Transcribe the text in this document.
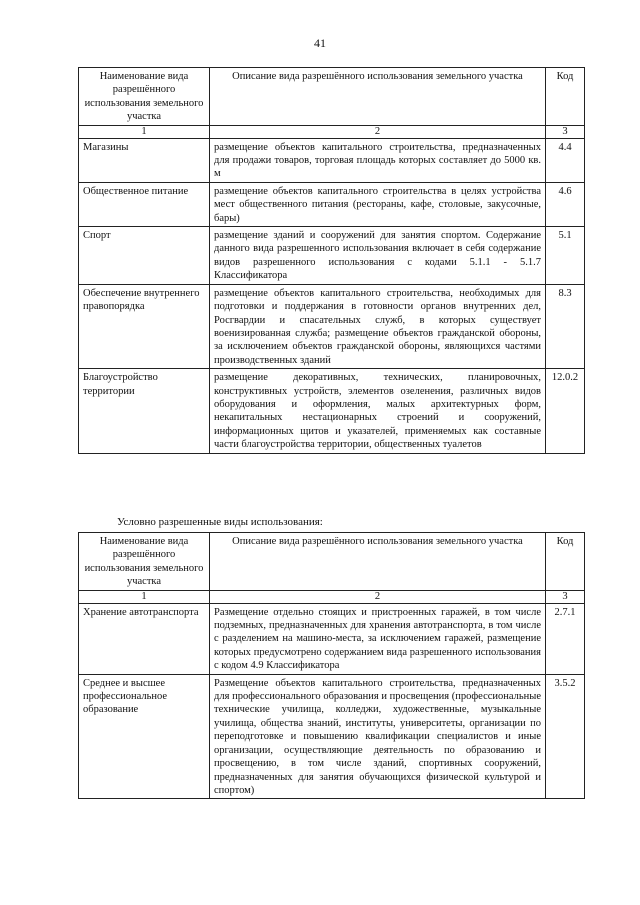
41
Наименование вида разрешённого использования земельного участка	Описание вида разрешённого использования земельного участка	Код
1	2	3
Магазины	размещение объектов капитального строительства, предназначенных для продажи товаров, торговая площадь которых составляет до 5000 кв. м	4.4
Общественное питание	размещение объектов капитального строительства в целях устройства мест общественного питания (рестораны, кафе, столовые, закусочные, бары)	4.6
Спорт	размещение зданий и сооружений для занятия спортом. Содержание данного вида разрешенного использования включает в себя содержание видов разрешенного использования с кодами 5.1.1 - 5.1.7 Классификатора	5.1
Обеспечение внутреннего правопорядка	размещение объектов капитального строительства, необходимых для подготовки и поддержания в готовности органов внутренних дел, Росгвардии и спасательных служб, в которых существует военизированная служба; размещение объектов гражданской обороны, за исключением объектов гражданской обороны, являющихся частями производственных зданий	8.3
Благоустройство территории	размещение декоративных, технических, планировочных, конструктивных устройств, элементов озеленения, различных видов оборудования и оформления, малых архитектурных форм, некапитальных нестационарных строений и сооружений, информационных щитов и указателей, применяемых как составные части благоустройства территории, общественных туалетов	12.0.2
Условно разрешенные виды использования:
Наименование вида разрешённого использования земельного участка	Описание вида разрешённого использования земельного участка	Код
1	2	3
Хранение автотранспорта	Размещение отдельно стоящих и пристроенных гаражей, в том числе подземных, предназначенных для хранения автотранспорта, в том числе с разделением на машино-места, за исключением гаражей, размещение которых предусмотрено содержанием вида разрешенного использования с кодом 4.9 Классификатора	2.7.1
Среднее и высшее профессиональное образование	Размещение объектов капитального строительства, предназначенных для профессионального образования и просвещения (профессиональные технические училища, колледжи, художественные, музыкальные училища, общества знаний, институты, университеты, организации по переподготовке и повышению квалификации специалистов и иные организации, осуществляющие деятельность по образованию и просвещению, в том числе зданий, спортивных сооружений, предназначенных для занятия обучающихся физической культурой и спортом)	3.5.2
